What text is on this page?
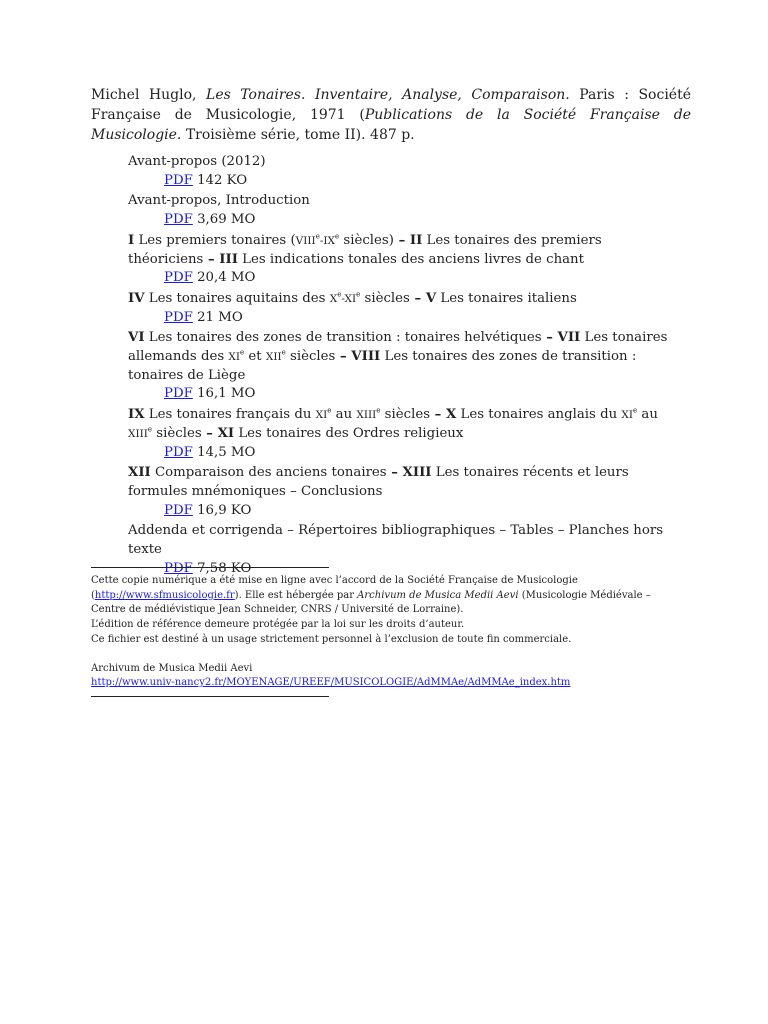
Michel Huglo, Les Tonaires. Inventaire, Analyse, Comparaison. Paris : Société Française de Musicologie, 1971 (Publications de la Société Française de Musicologie. Troisième série, tome II). 487 p.

Avant-propos (2012)
PDF 142 KO
Avant-propos, Introduction
PDF 3,69 MO
I Les premiers tonaires (VIIIe-IXe siècles) – II Les tonaires des premiers théoriciens – III Les indications tonales des anciens livres de chant
PDF 20,4 MO
IV Les tonaires aquitains des Xe-XIe siècles – V Les tonaires italiens
PDF 21 MO
VI Les tonaires des zones de transition : tonaires helvétiques – VII Les tonaires allemands des XIe et XIIe siècles – VIII Les tonaires des zones de transition : tonaires de Liège
PDF 16,1 MO
IX Les tonaires français du XIe au XIIIe siècles – X Les tonaires anglais du XIe au XIIIe siècles – XI Les tonaires des Ordres religieux
PDF 14,5 MO
XII Comparaison des anciens tonaires – XIII Les tonaires récents et leurs formules mnémoniques – Conclusions
PDF 16,9 KO
Addenda et corrigenda – Répertoires bibliographiques – Tables – Planches hors texte
PDF 7,58 KO
Cette copie numérique a été mise en ligne avec l’accord de la Société Française de Musicologie
(http://www.sfmusicologie.fr). Elle est hébergée par Archivum de Musica Medii Aevi (Musicologie Médiévale –
Centre de médiévistique Jean Schneider, CNRS / Université de Lorraine).
L’édition de référence demeure protégée par la loi sur les droits d’auteur.
Ce fichier est destiné à un usage strictement personnel à l’exclusion de toute fin commerciale.
Archivum de Musica Medii Aevi
http://www.univ-nancy2.fr/MOYENAGE/UREEF/MUSICOLOGIE/AdMMAe/AdMMAe_index.htm
